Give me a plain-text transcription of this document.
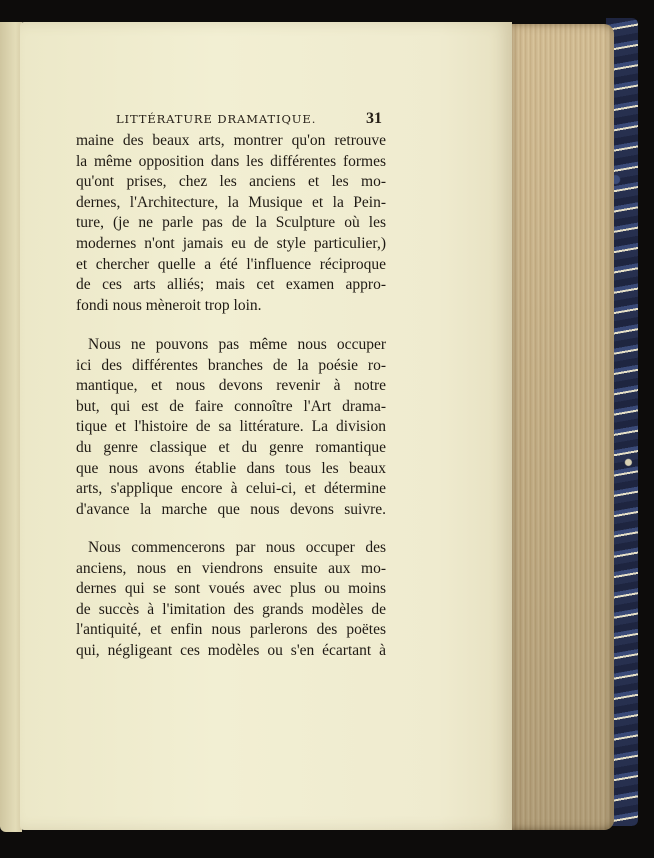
LITTÉRATURE DRAMATIQUE.	31
maine des beaux arts, montrer qu'on retrouve
la même opposition dans les différentes formes
qu'ont prises, chez les anciens et les mo-
dernes, l'Architecture, la Musique et la Pein-
ture, (je ne parle pas de la Sculpture où les
modernes n'ont jamais eu de style particulier,)
et chercher quelle a été l'influence réciproque
de ces arts alliés; mais cet examen appro-
fondi nous mèneroit trop loin.
Nous ne pouvons pas même nous occuper
ici des différentes branches de la poésie ro-
mantique, et nous devons revenir à notre
but, qui est de faire connoître l'Art drama-
tique et l'histoire de sa littérature. La division
du genre classique et du genre romantique
que nous avons établie dans tous les beaux
arts, s'applique encore à celui-ci, et détermine
d'avance la marche que nous devons suivre.
Nous commencerons par nous occuper des
anciens, nous en viendrons ensuite aux mo-
dernes qui se sont voués avec plus ou moins
de succès à l'imitation des grands modèles de
l'antiquité, et enfin nous parlerons des poëtes
qui, négligeant ces modèles ou s'en écartant à
